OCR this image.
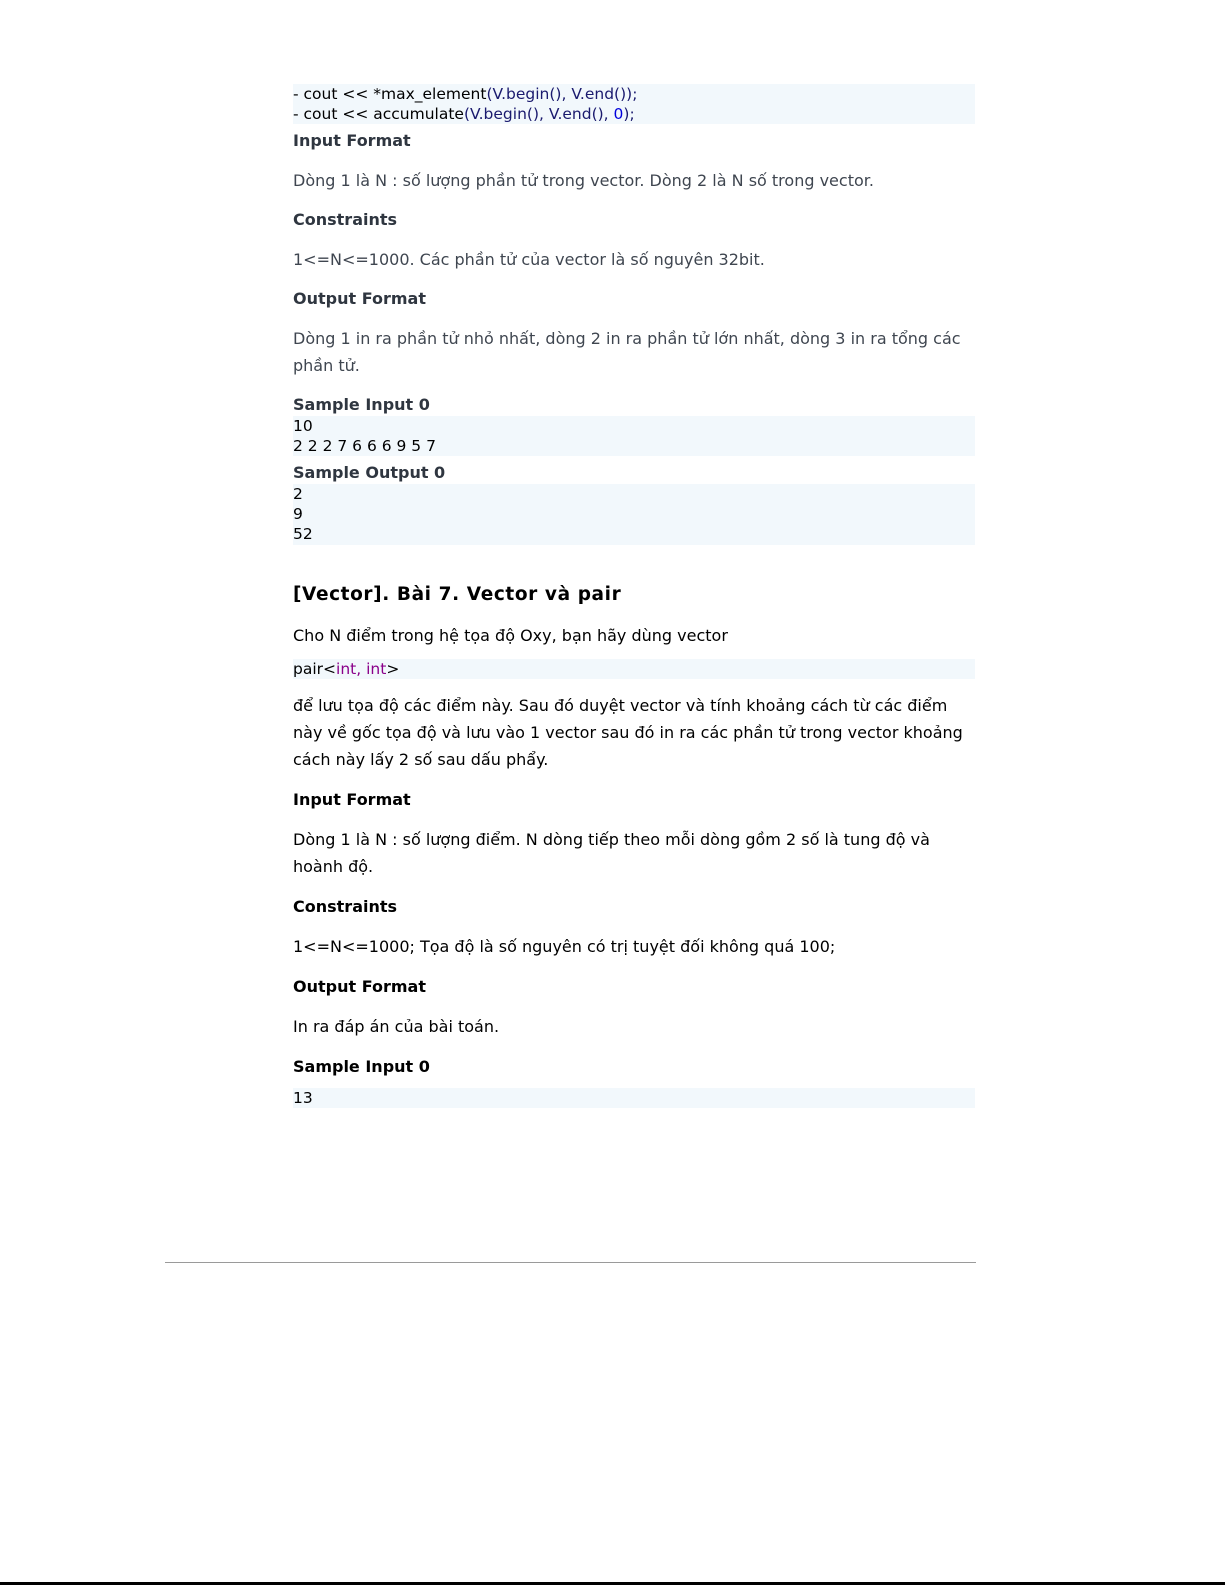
- cout << *max_element(V.begin(), V.end());
- cout << accumulate(V.begin(), V.end(), 0);
Input Format
Dòng 1 là N : số lượng phần tử trong vector. Dòng 2 là N số trong vector.
Constraints
1<=N<=1000. Các phần tử của vector là số nguyên 32bit.
Output Format
Dòng 1 in ra phần tử nhỏ nhất, dòng 2 in ra phần tử lớn nhất, dòng 3 in ra tổng các phần tử.
Sample Input 0
10
2 2 2 7 6 6 6 9 5 7
Sample Output 0
2
9
52
[Vector]. Bài 7. Vector và pair
Cho N điểm trong hệ tọa độ Oxy, bạn hãy dùng vector
pair<int, int>
để lưu tọa độ các điểm này. Sau đó duyệt vector và tính khoảng cách từ các điểm này về gốc tọa độ và lưu vào 1 vector sau đó in ra các phần tử trong vector khoảng cách này lấy 2 số sau dấu phẩy.
Input Format
Dòng 1 là N : số lượng điểm. N dòng tiếp theo mỗi dòng gồm 2 số là tung độ và hoành độ.
Constraints
1<=N<=1000; Tọa độ là số nguyên có trị tuyệt đối không quá 100;
Output Format
In ra đáp án của bài toán.
Sample Input 0
13
